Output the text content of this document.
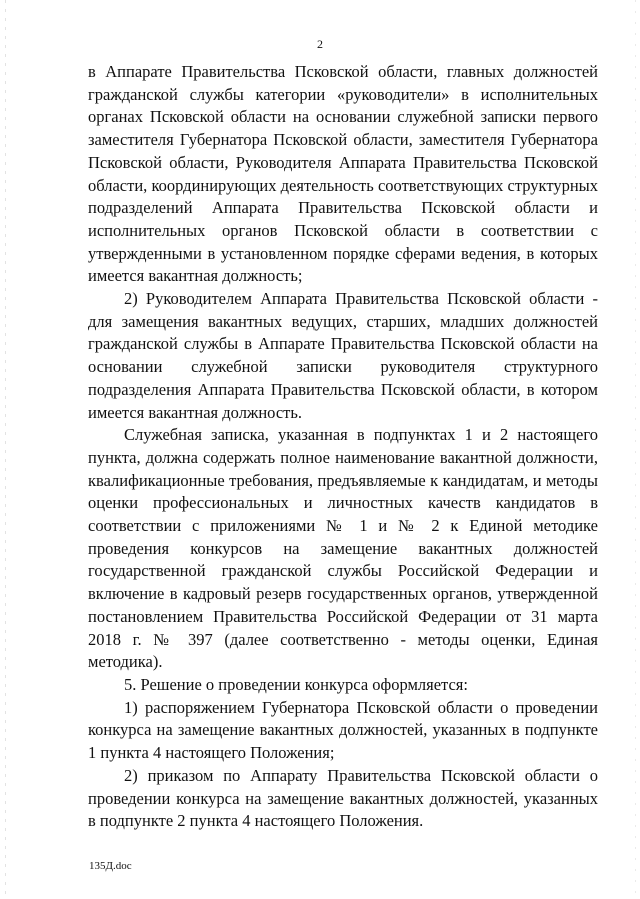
2

в Аппарате Правительства Псковской области, главных должностей гражданской службы категории «руководители» в исполнительных органах Псковской области на основании служебной записки первого заместителя Губернатора Псковской области, заместителя Губернатора Псковской области, Руководителя Аппарата Правительства Псковской области, координирующих деятельность соответствующих структурных подразделений Аппарата Правительства Псковской области и исполнительных органов Псковской области в соответствии с утвержденными в установленном порядке сферами ведения, в которых имеется вакантная должность;

2) Руководителем Аппарата Правительства Псковской области - для замещения вакантных ведущих, старших, младших должностей гражданской службы в Аппарате Правительства Псковской области на основании служебной записки руководителя структурного подразделения Аппарата Правительства Псковской области, в котором имеется вакантная должность.

Служебная записка, указанная в подпунктах 1 и 2 настоящего пункта, должна содержать полное наименование вакантной должности, квалификационные требования, предъявляемые к кандидатам, и методы оценки профессиональных и личностных качеств кандидатов в соответствии с приложениями № 1 и № 2 к Единой методике проведения конкурсов на замещение вакантных должностей государственной гражданской службы Российской Федерации и включение в кадровый резерв государственных органов, утвержденной постановлением Правительства Российской Федерации от 31 марта 2018 г. № 397 (далее соответственно - методы оценки, Единая методика).

5. Решение о проведении конкурса оформляется:

1) распоряжением Губернатора Псковской области о проведении конкурса на замещение вакантных должностей, указанных в подпункте 1 пункта 4 настоящего Положения;

2) приказом по Аппарату Правительства Псковской области о проведении конкурса на замещение вакантных должностей, указанных в подпункте 2 пункта 4 настоящего Положения.

135Д.doc
